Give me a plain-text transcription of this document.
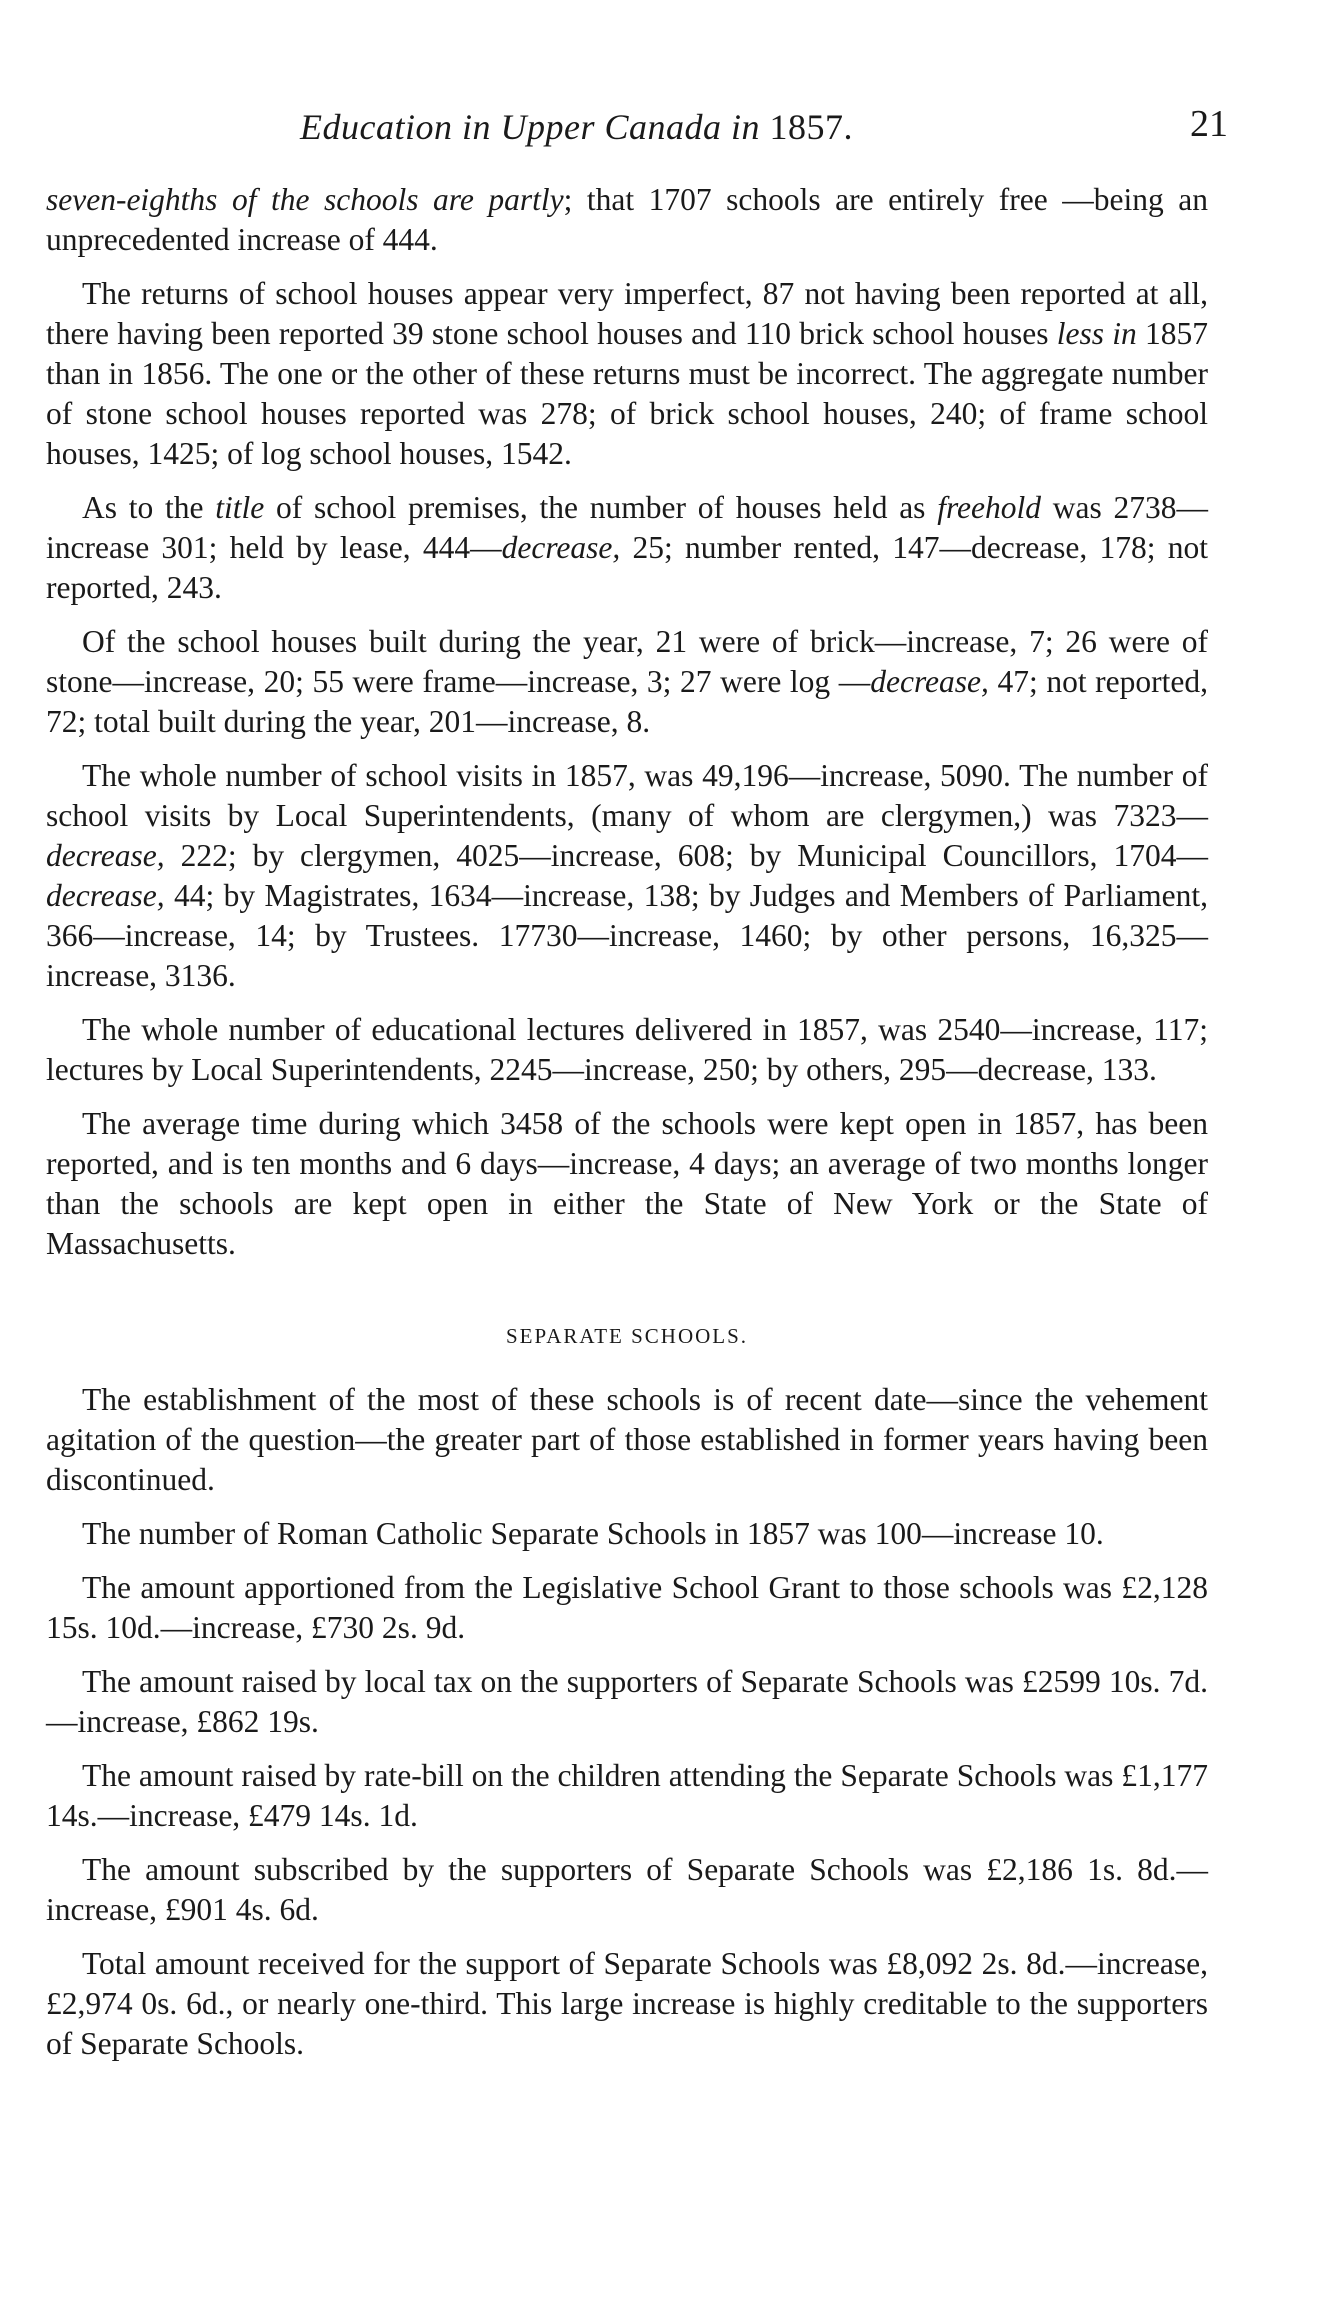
Education in Upper Canada in 1857.	21

seven-eighths of the schools are partly; that 1707 schools are entirely free —being an unprecedented increase of 444.

The returns of school houses appear very imperfect, 87 not having been reported at all, there having been reported 39 stone school houses and 110 brick school houses less in 1857 than in 1856. The one or the other of these returns must be incorrect. The aggregate number of stone school houses reported was 278; of brick school houses, 240; of frame school houses, 1425; of log school houses, 1542.

As to the title of school premises, the number of houses held as freehold was 2738—increase 301; held by lease, 444—decrease, 25; number rented, 147—decrease, 178; not reported, 243.

Of the school houses built during the year, 21 were of brick—increase, 7; 26 were of stone—increase, 20; 55 were frame—increase, 3; 27 were log —decrease, 47; not reported, 72; total built during the year, 201—increase, 8.

The whole number of school visits in 1857, was 49,196—increase, 5090. The number of school visits by Local Superintendents, (many of whom are clergymen,) was 7323—decrease, 222; by clergymen, 4025—increase, 608; by Municipal Councillors, 1704—decrease, 44; by Magistrates, 1634—increase, 138; by Judges and Members of Parliament, 366—increase, 14; by Trustees. 17730—increase, 1460; by other persons, 16,325—increase, 3136.

The whole number of educational lectures delivered in 1857, was 2540—increase, 117; lectures by Local Superintendents, 2245—increase, 250; by others, 295—decrease, 133.

The average time during which 3458 of the schools were kept open in 1857, has been reported, and is ten months and 6 days—increase, 4 days; an average of two months longer than the schools are kept open in either the State of New York or the State of Massachusetts.

SEPARATE SCHOOLS.

The establishment of the most of these schools is of recent date—since the vehement agitation of the question—the greater part of those established in former years having been discontinued.

The number of Roman Catholic Separate Schools in 1857 was 100—increase 10.

The amount apportioned from the Legislative School Grant to those schools was £2,128 15s. 10d.—increase, £730 2s. 9d.

The amount raised by local tax on the supporters of Separate Schools was £2599 10s. 7d.—increase, £862 19s.

The amount raised by rate-bill on the children attending the Separate Schools was £1,177 14s.—increase, £479 14s. 1d.

The amount subscribed by the supporters of Separate Schools was £2,186 1s. 8d.—increase, £901 4s. 6d.

Total amount received for the support of Separate Schools was £8,092 2s. 8d.—increase, £2,974 0s. 6d., or nearly one-third. This large increase is highly creditable to the supporters of Separate Schools.
